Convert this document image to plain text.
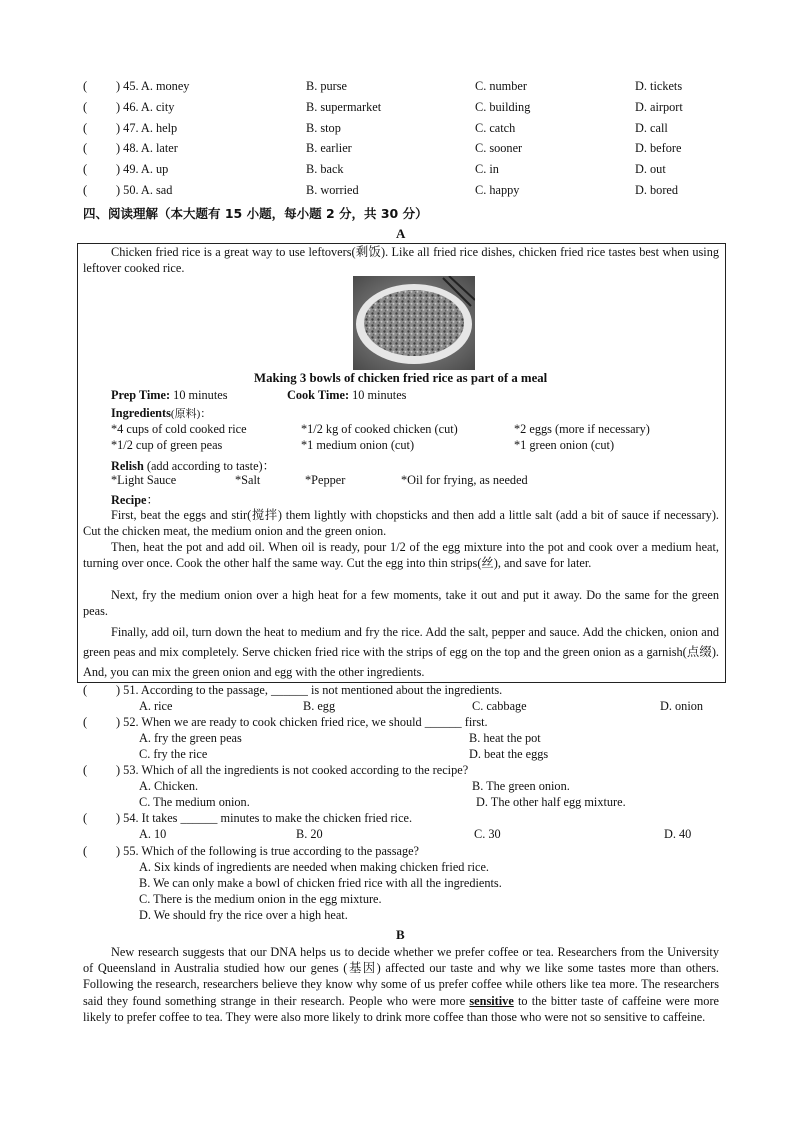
( ) 45. A. money	B. purse	C. number	D. tickets
( ) 46. A. city	B. supermarket	C. building	D. airport
( ) 47. A. help	B. stop	C. catch	D. call
( ) 48. A. later	B. earlier	C. sooner	D. before
( ) 49. A. up	B. back	C. in	D. out
( ) 50. A. sad	B. worried	C. happy	D. bored
四、阅读理解（本大题有 15 小题，每小题 2 分，共 30 分）
A
Chicken fried rice is a great way to use leftovers(剩饭). Like all fried rice dishes, chicken fried rice tastes best when using leftover cooked rice.
Making 3 bowls of chicken fried rice as part of a meal
Prep Time: 10 minutes	Cook Time: 10 minutes
Ingredients(原料)：
*4 cups of cold cooked rice	*1/2 kg of cooked chicken (cut)	*2 eggs (more if necessary)
*1/2 cup of green peas	*1 medium onion (cut)	*1 green onion (cut)
Relish (add according to taste)：
*Light Sauce	*Salt	*Pepper	*Oil for frying, as needed
Recipe：
First, beat the eggs and stir(搅拌) them lightly with chopsticks and then add a little salt (add a bit of sauce if necessary). Cut the chicken meat, the medium onion and the green onion.
Then, heat the pot and add oil. When oil is ready, pour 1/2 of the egg mixture into the pot and cook over a medium heat, turning over once. Cook the other half the same way. Cut the egg into thin strips(丝), and save for later.
Next, fry the medium onion over a high heat for a few moments, take it out and put it away. Do the same for the green peas.
Finally, add oil, turn down the heat to medium and fry the rice. Add the salt, pepper and sauce. Add the chicken, onion and green peas and mix completely. Serve chicken fried rice with the strips of egg on the top and the green onion as a garnish(点缀). And, you can mix the green onion and egg with the other ingredients.
( ) 51. According to the passage, ______ is not mentioned about the ingredients.
A. rice	B. egg	C. cabbage	D. onion
( ) 52. When we are ready to cook chicken fried rice, we should ______ first.
A. fry the green peas	B. heat the pot
C. fry the rice	D. beat the eggs
( ) 53. Which of all the ingredients is not cooked according to the recipe?
A. Chicken.	B. The green onion.
C. The medium onion.	D. The other half egg mixture.
( ) 54. It takes ______ minutes to make the chicken fried rice.
A. 10	B. 20	C. 30	D. 40
( ) 55. Which of the following is true according to the passage?
A. Six kinds of ingredients are needed when making chicken fried rice.
B. We can only make a bowl of chicken fried rice with all the ingredients.
C. There is the medium onion in the egg mixture.
D. We should fry the rice over a high heat.
B
New research suggests that our DNA helps us to decide whether we prefer coffee or tea. Researchers from the University of Queensland in Australia studied how our genes (基因) affected our taste and why we like some tastes more than others. Following the research, researchers believe they know why some of us prefer coffee while others like tea more. The researchers said they found something strange in their research. People who were more sensitive to the bitter taste of caffeine were more likely to prefer coffee to tea. They were also more likely to drink more coffee than those who were not so sensitive to caffeine.
